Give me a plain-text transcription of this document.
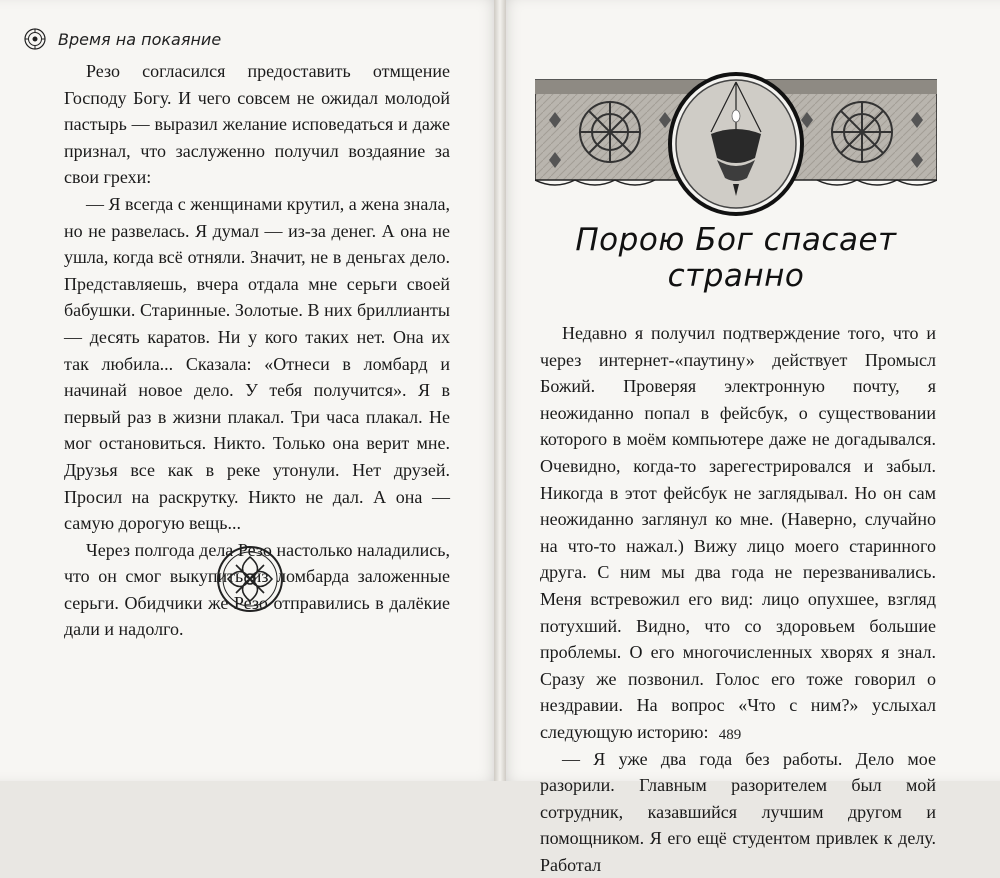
Время на покаяние

Резо согласился предоставить отмщение Господу Богу. И чего совсем не ожидал молодой пастырь — выразил желание исповедаться и даже признал, что заслуженно получил воздаяние за свои грехи:

— Я всегда с женщинами крутил, а жена знала, но не развелась. Я думал — из-за денег. А она не ушла, когда всё отняли. Значит, не в деньгах дело. Представляешь, вчера отдала мне серьги своей бабушки. Старинные. Золотые. В них бриллианты — десять каратов. Ни у кого таких нет. Она их так любила... Сказала: «Отнеси в ломбард и начинай новое дело. У тебя получится». Я в первый раз в жизни плакал. Три часа плакал. Не мог остановиться. Никто. Только она верит мне. Друзья все как в реке утонули. Нет друзей. Просил на раскрутку. Никто не дал. А она — самую дорогую вещь...

Через полгода дела Резо настолько наладились, что он смог выкупить из ломбарда заложенные серьги. Обидчики же Резо отправились в далёкие дали и надолго.

Порою Бог спасает странно

Недавно я получил подтверждение того, что и через интернет-«паутину» действует Промысл Божий. Проверяя электронную почту, я неожиданно попал в фейсбук, о существовании которого в моём компьютере даже не догадывался. Очевидно, когда-то зарегестрировался и забыл. Никогда в этот фейсбук не заглядывал. Но он сам неожиданно заглянул ко мне. (Наверно, случайно на что-то нажал.) Вижу лицо моего старинного друга. С ним мы два года не перезванивались. Меня встревожил его вид: лицо опухшее, взгляд потухший. Видно, что со здоровьем большие проблемы. О его многочисленных хворях я знал. Сразу же позвонил. Голос его тоже говорил о нездравии. На вопрос «Что с ним?» услыхал следующую историю:

— Я уже два года без работы. Дело мое разорили. Главным разорителем был мой сотрудник, казавшийся лучшим другом и помощником. Я его ещё студентом привлек к делу. Работал

489
